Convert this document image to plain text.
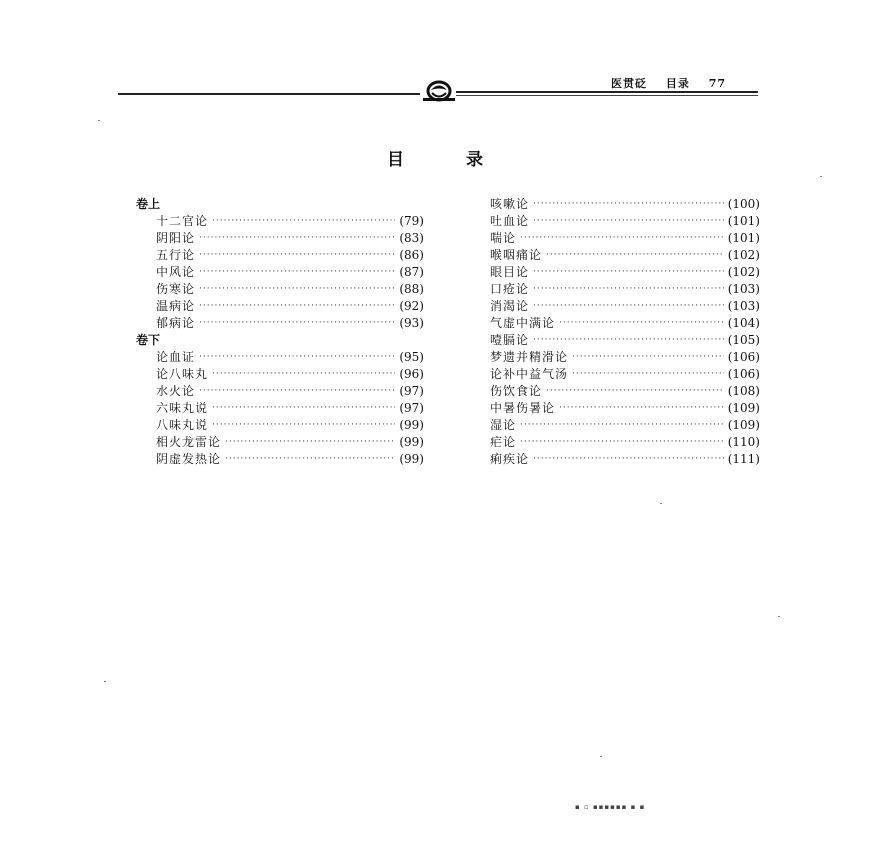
医贯砭 目录 77
目	录
卷上
十二官论 ·····	(79)
阴阳论 ·····	(83)
五行论 ·····	(86)
中风论 ·····	(87)
伤寒论 ·····	(88)
温病论 ·····	(92)
郁病论 ·····	(93)
卷下
论血证 ·····	(95)
论八味丸 ·····	(96)
水火论 ·····	(97)
六味丸说 ·····	(97)
八味丸说 ·····	(99)
相火龙雷论 ·····	(99)
阴虚发热论 ·····	(99)
咳嗽论 ·····	(100)
吐血论 ·····	(101)
喘论 ·····	(101)
喉咽痛论 ·····	(102)
眼目论 ·····	(102)
口疮论 ·····	(103)
消渴论 ·····	(103)
气虚中满论 ·····	(104)
噎膈论 ·····	(105)
梦遗并精滑论 ·····	(106)
论补中益气汤 ·····	(106)
伤饮食论 ·····	(108)
中暑伤暑论 ·····	(109)
湿论 ·····	(109)
疟论 ·····	(110)
痢疾论 ·····	(111)
▪ ▫ ▪▪▪▪▪▪ ▪ ▪
